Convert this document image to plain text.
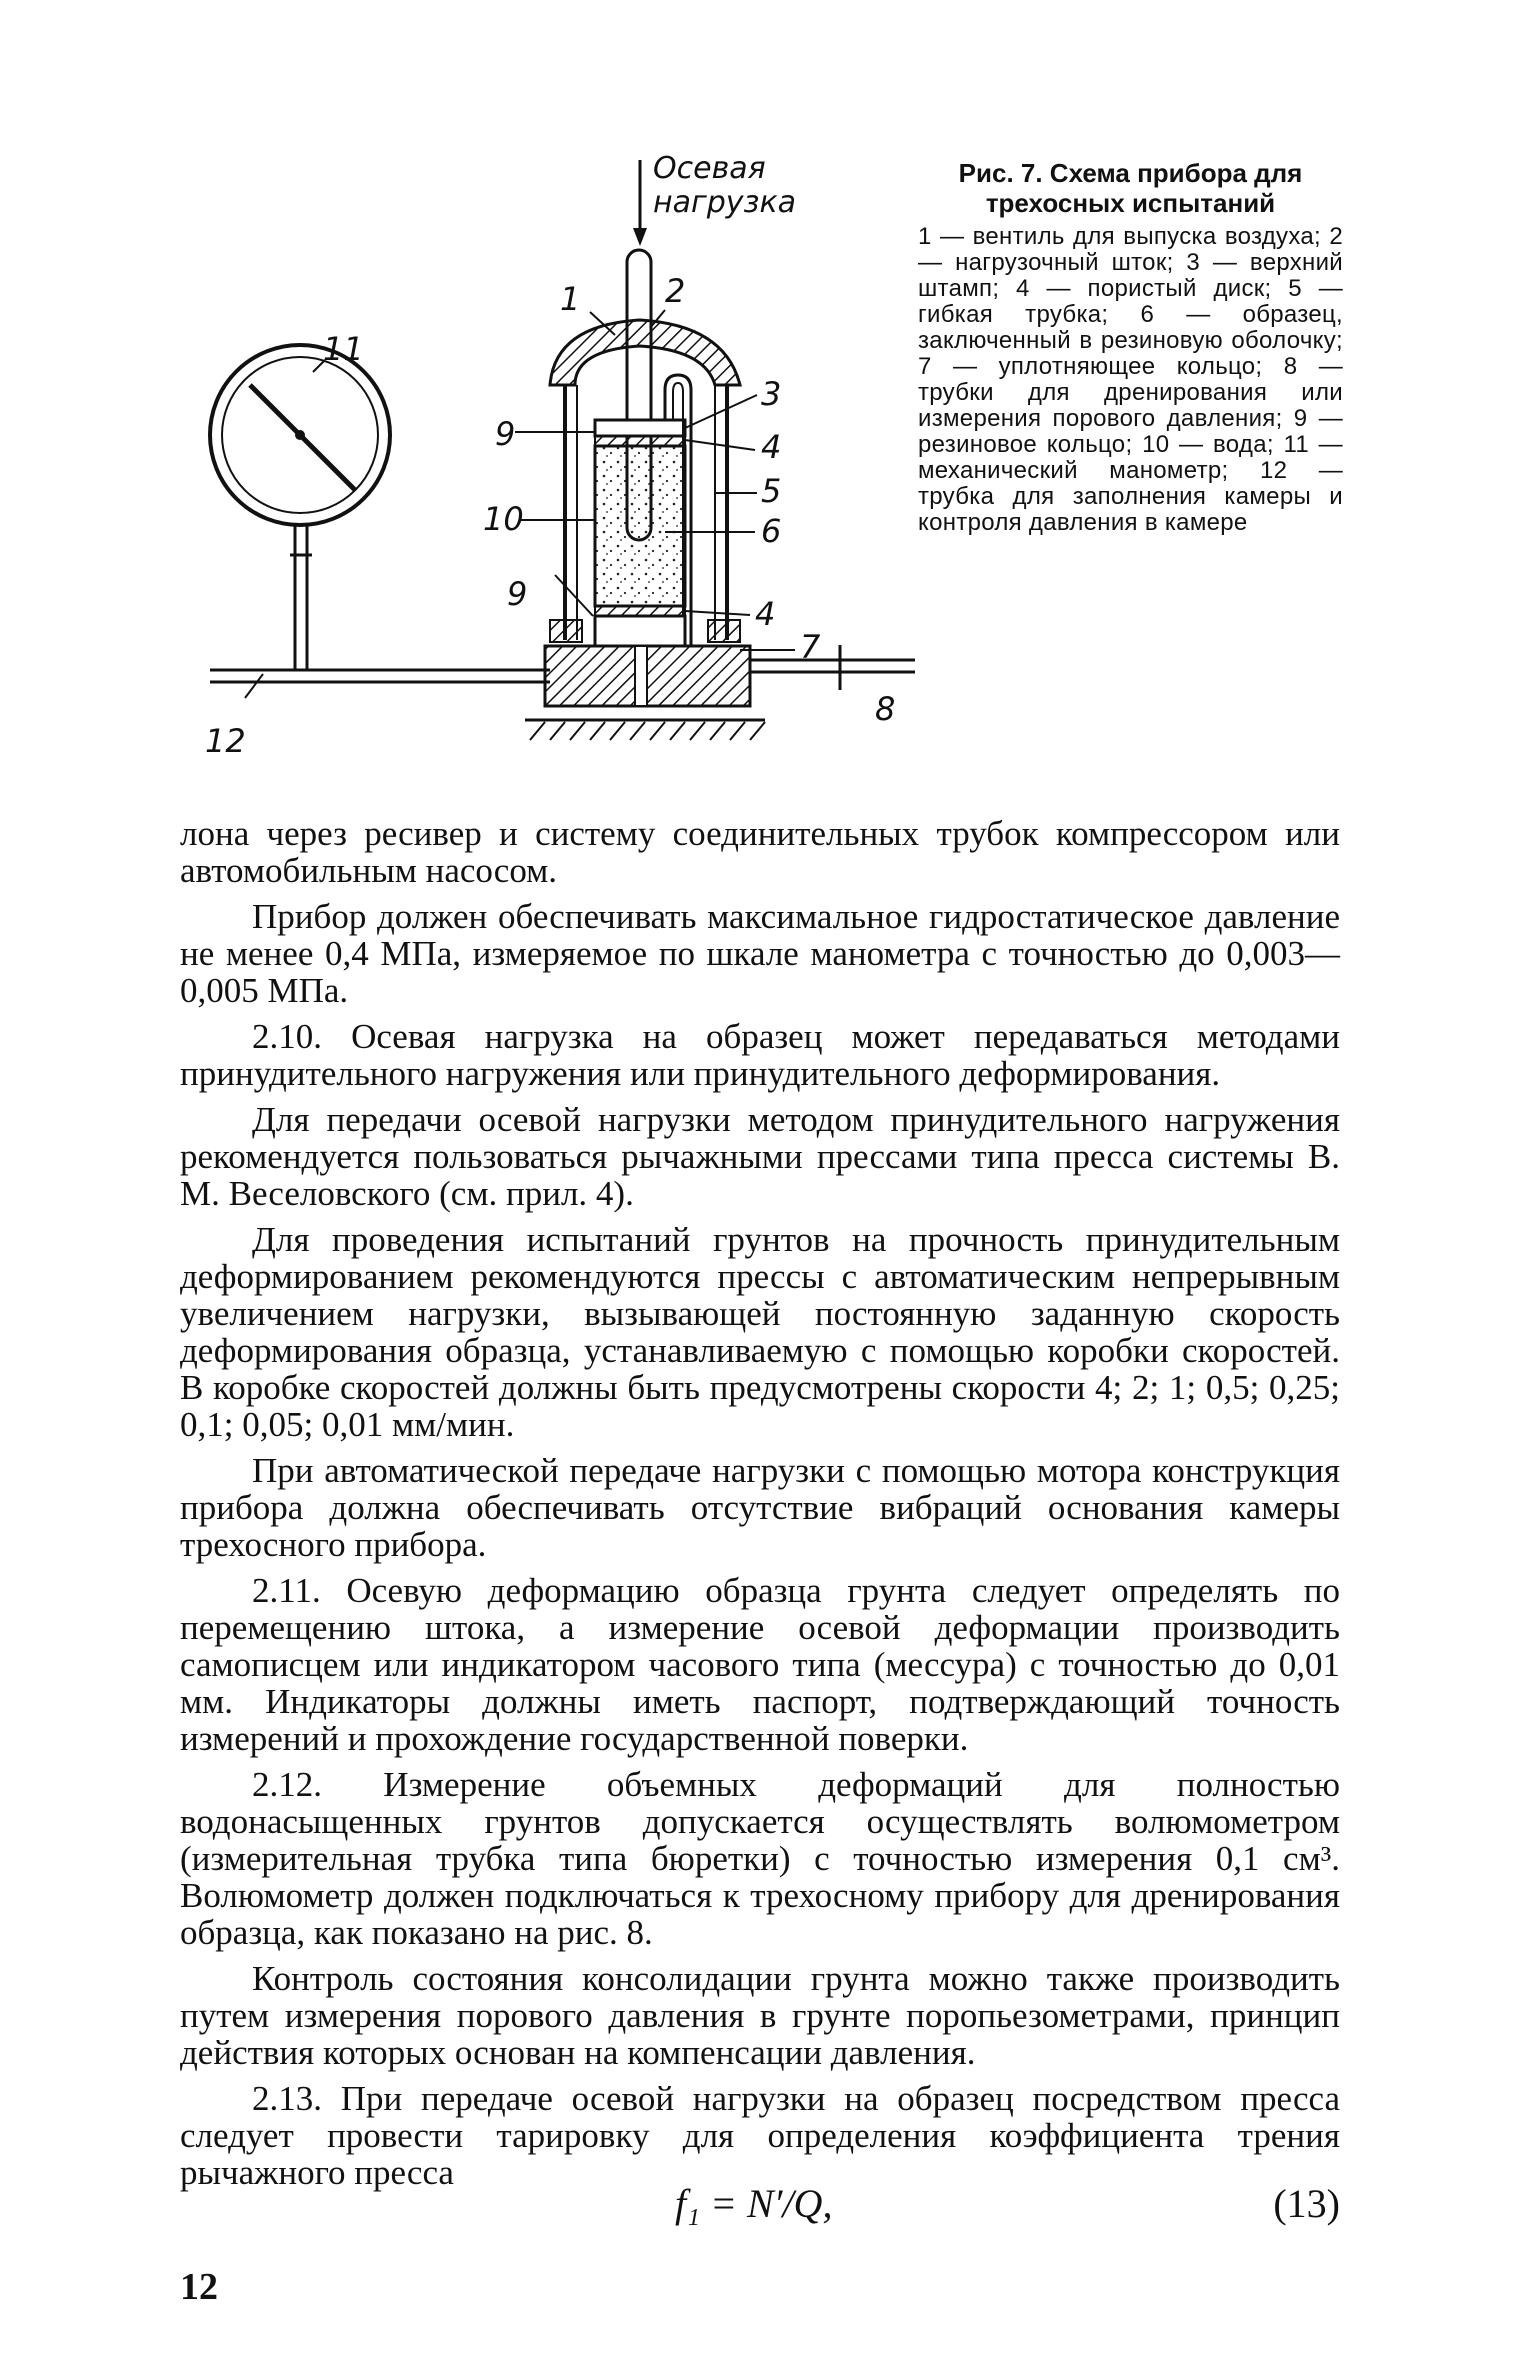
Осевая
нагрузка
1	2
9
3
4
5
6
10
9
4
7
8
11
12

Рис. 7. Схема прибора для трехосных испытаний

1 — вентиль для выпуска воздуха; 2 — нагрузочный шток; 3 — верхний штамп; 4 — пористый диск; 5 — гибкая трубка; 6 — образец, заключенный в резиновую оболочку; 7 — уплотняющее кольцо; 8 — трубки для дренирования или измерения порового давления; 9 — резиновое кольцо; 10 — вода; 11 — механический манометр; 12 — трубка для заполнения камеры и контроля давления в камере

лона через ресивер и систему соединительных трубок компрессором или автомобильным насосом.

Прибор должен обеспечивать максимальное гидростатическое давление не менее 0,4 МПа, измеряемое по шкале манометра с точностью до 0,003—0,005 МПа.

2.10. Осевая нагрузка на образец может передаваться методами принудительного нагружения или принудительного деформирования.

Для передачи осевой нагрузки методом принудительного нагружения рекомендуется пользоваться рычажными прессами типа пресса системы В. М. Веселовского (см. прил. 4).

Для проведения испытаний грунтов на прочность принудительным деформированием рекомендуются прессы с автоматическим непрерывным увеличением нагрузки, вызывающей постоянную заданную скорость деформирования образца, устанавливаемую с помощью коробки скоростей. В коробке скоростей должны быть предусмотрены скорости 4; 2; 1; 0,5; 0,25; 0,1; 0,05; 0,01 мм/мин.

При автоматической передаче нагрузки с помощью мотора конструкция прибора должна обеспечивать отсутствие вибраций основания камеры трехосного прибора.

2.11. Осевую деформацию образца грунта следует определять по перемещению штока, а измерение осевой деформации производить самописцем или индикатором часового типа (мессура) с точностью до 0,01 мм. Индикаторы должны иметь паспорт, подтверждающий точность измерений и прохождение государственной поверки.

2.12. Измерение объемных деформаций для полностью водонасыщенных грунтов допускается осуществлять волюмометром (измерительная трубка типа бюретки) с точностью измерения 0,1 см³. Волюмометр должен подключаться к трехосному прибору для дренирования образца, как показано на рис. 8.

Контроль состояния консолидации грунта можно также производить путем измерения порового давления в грунте поропьезометрами, принцип действия которых основан на компенсации давления.

2.13. При передаче осевой нагрузки на образец посредством пресса следует провести тарировку для определения коэффициента трения рычажного пресса

f₁ = N′/Q,	(13)
12
